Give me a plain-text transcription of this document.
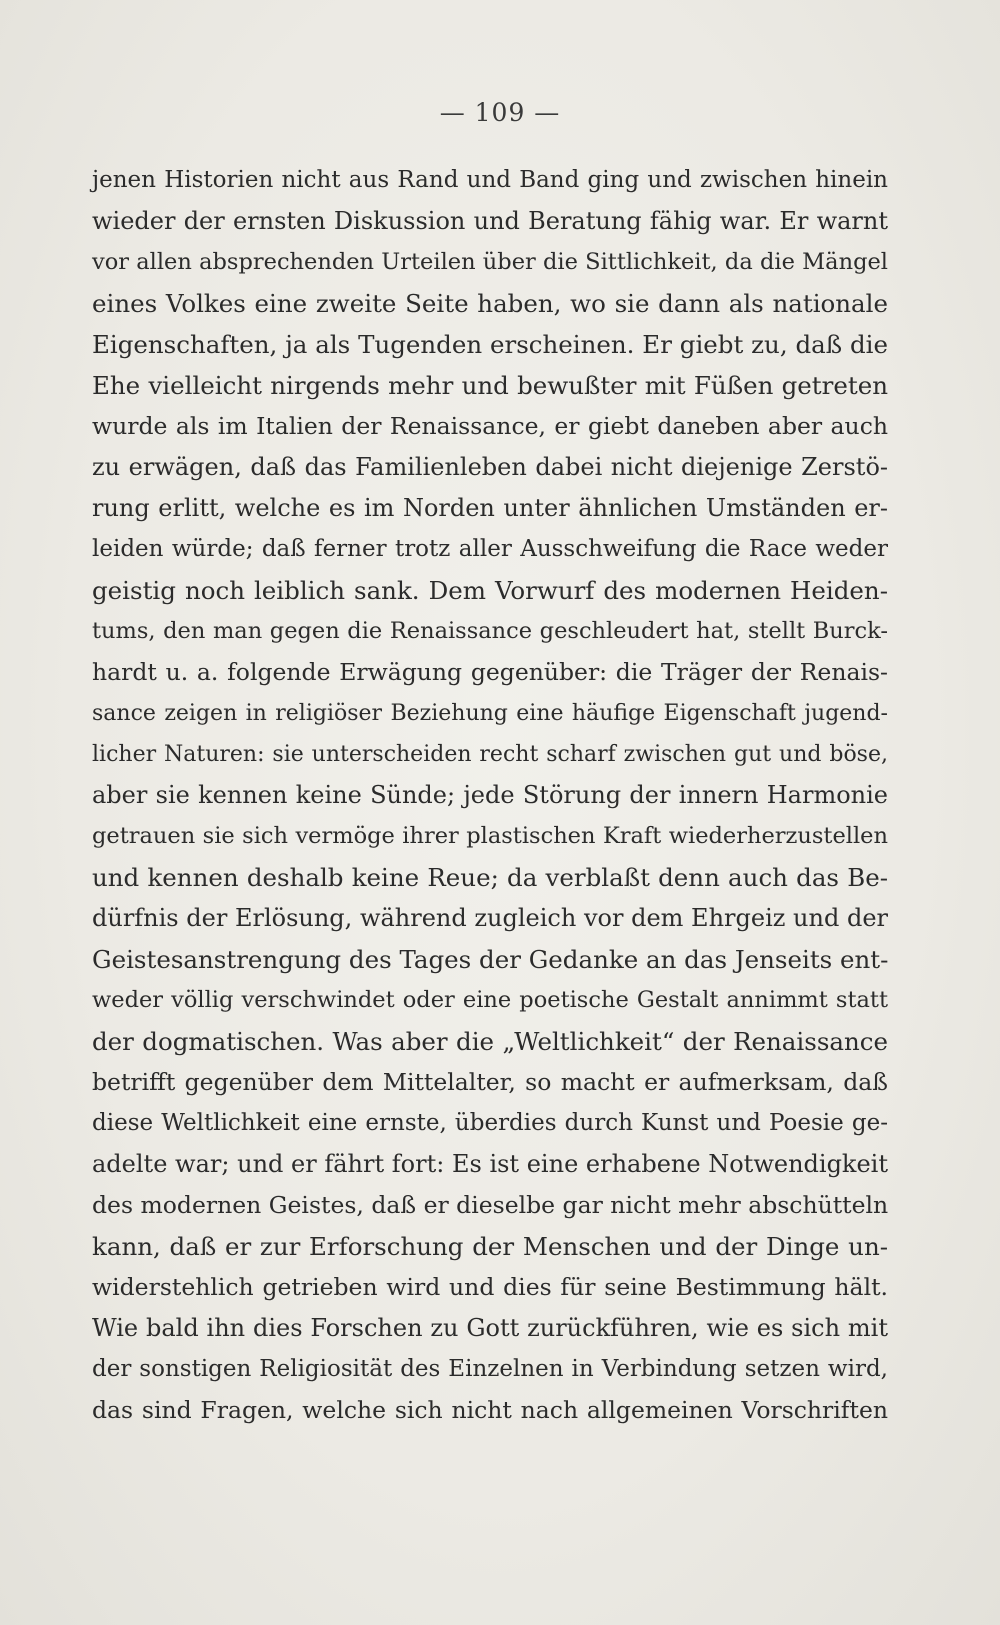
— 109 —
jenen Historien nicht aus Rand und Band ging und zwischen hinein
wieder der ernsten Diskussion und Beratung fähig war. Er warnt
vor allen absprechenden Urteilen über die Sittlichkeit, da die Mängel
eines Volkes eine zweite Seite haben, wo sie dann als nationale
Eigenschaften, ja als Tugenden erscheinen. Er giebt zu, daß die
Ehe vielleicht nirgends mehr und bewußter mit Füßen getreten
wurde als im Italien der Renaissance, er giebt daneben aber auch
zu erwägen, daß das Familienleben dabei nicht diejenige Zerstö-
rung erlitt, welche es im Norden unter ähnlichen Umständen er-
leiden würde; daß ferner trotz aller Ausschweifung die Race weder
geistig noch leiblich sank. Dem Vorwurf des modernen Heiden-
tums, den man gegen die Renaissance geschleudert hat, stellt Burck-
hardt u. a. folgende Erwägung gegenüber: die Träger der Renais-
sance zeigen in religiöser Beziehung eine häufige Eigenschaft jugend-
licher Naturen: sie unterscheiden recht scharf zwischen gut und böse,
aber sie kennen keine Sünde; jede Störung der innern Harmonie
getrauen sie sich vermöge ihrer plastischen Kraft wiederherzustellen
und kennen deshalb keine Reue; da verblaßt denn auch das Be-
dürfnis der Erlösung, während zugleich vor dem Ehrgeiz und der
Geistesanstrengung des Tages der Gedanke an das Jenseits ent-
weder völlig verschwindet oder eine poetische Gestalt annimmt statt
der dogmatischen. Was aber die „Weltlichkeit“ der Renaissance
betrifft gegenüber dem Mittelalter, so macht er aufmerksam, daß
diese Weltlichkeit eine ernste, überdies durch Kunst und Poesie ge-
adelte war; und er fährt fort: Es ist eine erhabene Notwendigkeit
des modernen Geistes, daß er dieselbe gar nicht mehr abschütteln
kann, daß er zur Erforschung der Menschen und der Dinge un-
widerstehlich getrieben wird und dies für seine Bestimmung hält.
Wie bald ihn dies Forschen zu Gott zurückführen, wie es sich mit
der sonstigen Religiosität des Einzelnen in Verbindung setzen wird,
das sind Fragen, welche sich nicht nach allgemeinen Vorschriften
